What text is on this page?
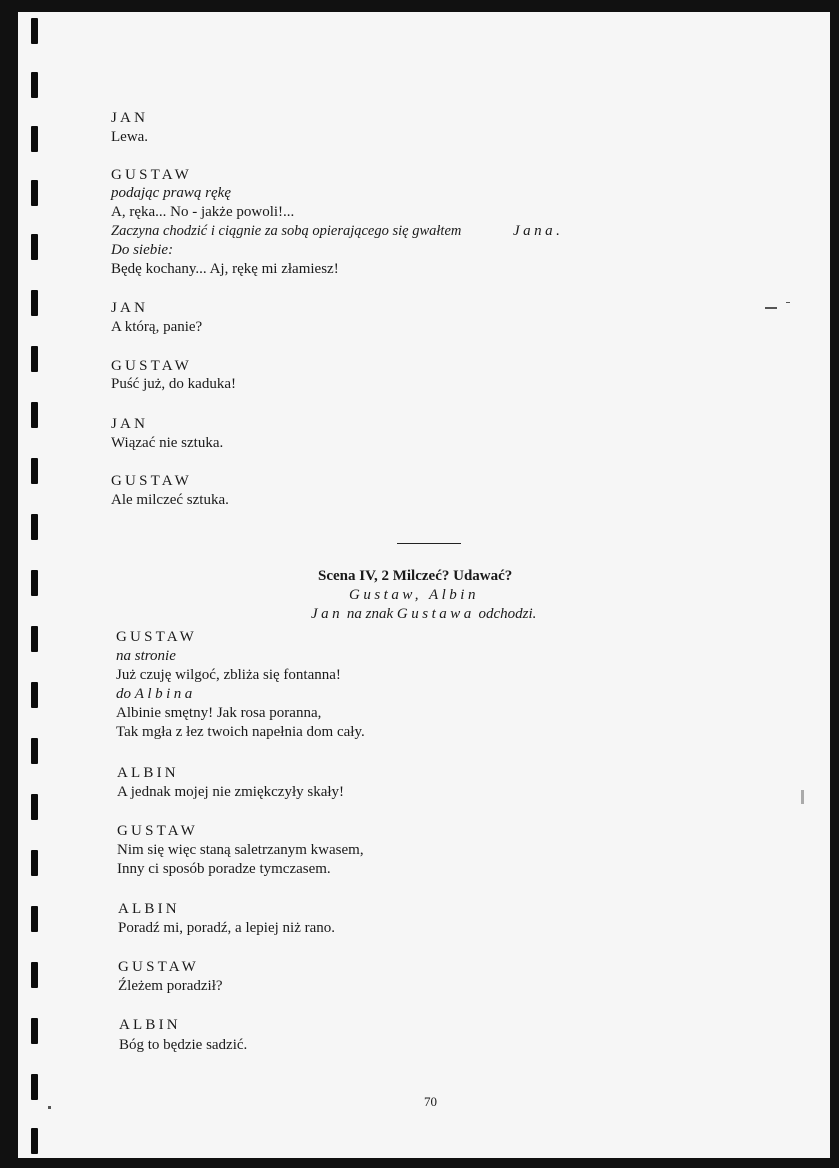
JAN
Lewa.
GUSTAW
podając prawą rękę
A, ręka... No - jakże powoli!...
Zaczyna chodzić i ciągnie za sobą opierającego się gwałtem	Jana.
Do siebie:
Będę kochany... Aj, rękę mi złamiesz!
JAN
A którą, panie?
GUSTAW
Puść już, do kaduka!
JAN
Wiązać nie sztuka.
GUSTAW
Ale milczeć sztuka.
Scena IV, 2 Milczeć? Udawać?
Gustaw, Albin
Jan na znak Gustawa odchodzi.
GUSTAW
na stronie
Już czuję wilgoć, zbliża się fontanna!
do Albina
Albinie smętny! Jak rosa poranna,
Tak mgła z łez twoich napełnia dom cały.
ALBIN
A jednak mojej nie zmiękczyły skały!
GUSTAW
Nim się więc staną saletrzanym kwasem,
Inny ci sposób poradze tymczasem.
ALBIN
Poradź mi, poradź, a lepiej niż rano.
GUSTAW
Źleżem poradził?
ALBIN
Bóg to będzie sadzić.
70
